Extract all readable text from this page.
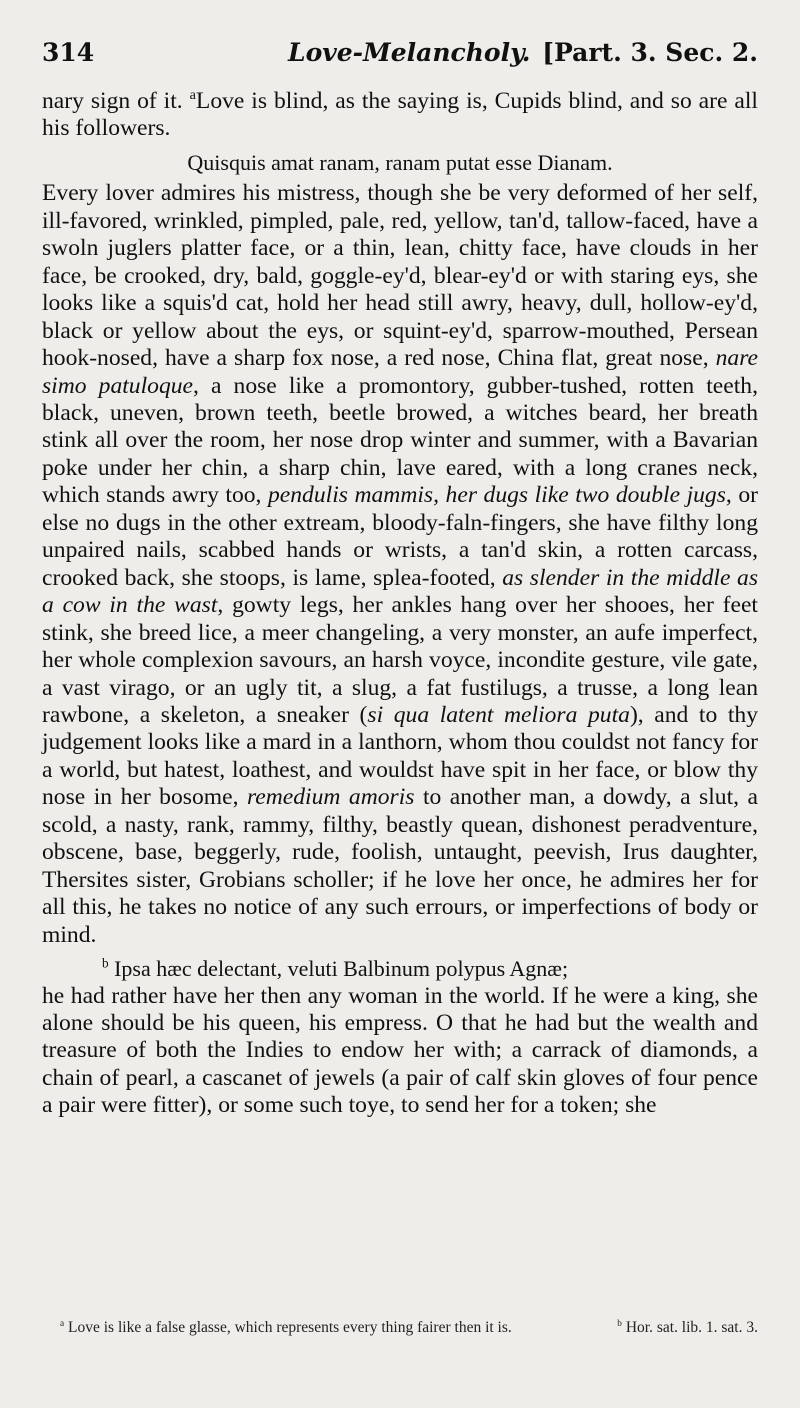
314	Love-Melancholy. [Part. 3. Sec. 2.

nary sign of it. $^a$Love is blind, as the saying is, Cupids blind, and so are all his followers.

Quisquis amat ranam, ranam putat esse Dianam.

Every lover admires his mistress, though she be very deformed of her self, ill-favored, wrinkled, pimpled, pale, red, yellow, tan'd, tallow-faced, have a swoln juglers platter face, or a thin, lean, chitty face, have clouds in her face, be crooked, dry, bald, goggle-ey'd, blear-ey'd or with staring eys, she looks like a squis'd cat, hold her head still awry, heavy, dull, hollow-ey'd, black or yellow about the eys, or squint-ey'd, sparrow-mouthed, Persean hook-nosed, have a sharp fox nose, a red nose, China flat, great nose, nare simo patuloque, a nose like a promontory, gubber-tushed, rotten teeth, black, uneven, brown teeth, beetle browed, a witches beard, her breath stink all over the room, her nose drop winter and summer, with a Bavarian poke under her chin, a sharp chin, lave eared, with a long cranes neck, which stands awry too, pendulis mammis, her dugs like two double jugs, or else no dugs in the other extream, bloody-faln-fingers, she have filthy long unpaired nails, scabbed hands or wrists, a tan'd skin, a rotten carcass, crooked back, she stoops, is lame, splea-footed, as slender in the middle as a cow in the wast, gowty legs, her ankles hang over her shooes, her feet stink, she breed lice, a meer changeling, a very monster, an aufe imperfect, her whole complexion savours, an harsh voyce, incondite gesture, vile gate, a vast virago, or an ugly tit, a slug, a fat fustilugs, a trusse, a long lean rawbone, a skeleton, a sneaker (si qua latent meliora puta), and to thy judgement looks like a mard in a lanthorn, whom thou couldst not fancy for a world, but hatest, loathest, and wouldst have spit in her face, or blow thy nose in her bosome, remedium amoris to another man, a dowdy, a slut, a scold, a nasty, rank, rammy, filthy, beastly quean, dishonest peradventure, obscene, base, beggerly, rude, foolish, untaught, peevish, Irus daughter, Thersites sister, Grobians scholler; if he love her once, he admires her for all this, he takes no notice of any such errours, or imperfections of body or mind.

$^b$ Ipsa hæc delectant, veluti Balbinum polypus Agnæ;

he had rather have her then any woman in the world. If he were a king, she alone should be his queen, his empress. O that he had but the wealth and treasure of both the Indies to endow her with; a carrack of diamonds, a chain of pearl, a cascanet of jewels (a pair of calf skin gloves of four pence a pair were fitter), or some such toye, to send her for a token; she

$^a$ Love is like a false glasse, which represents every thing fairer then it is.	$^b$ Hor. sat. lib. 1. sat. 3.
